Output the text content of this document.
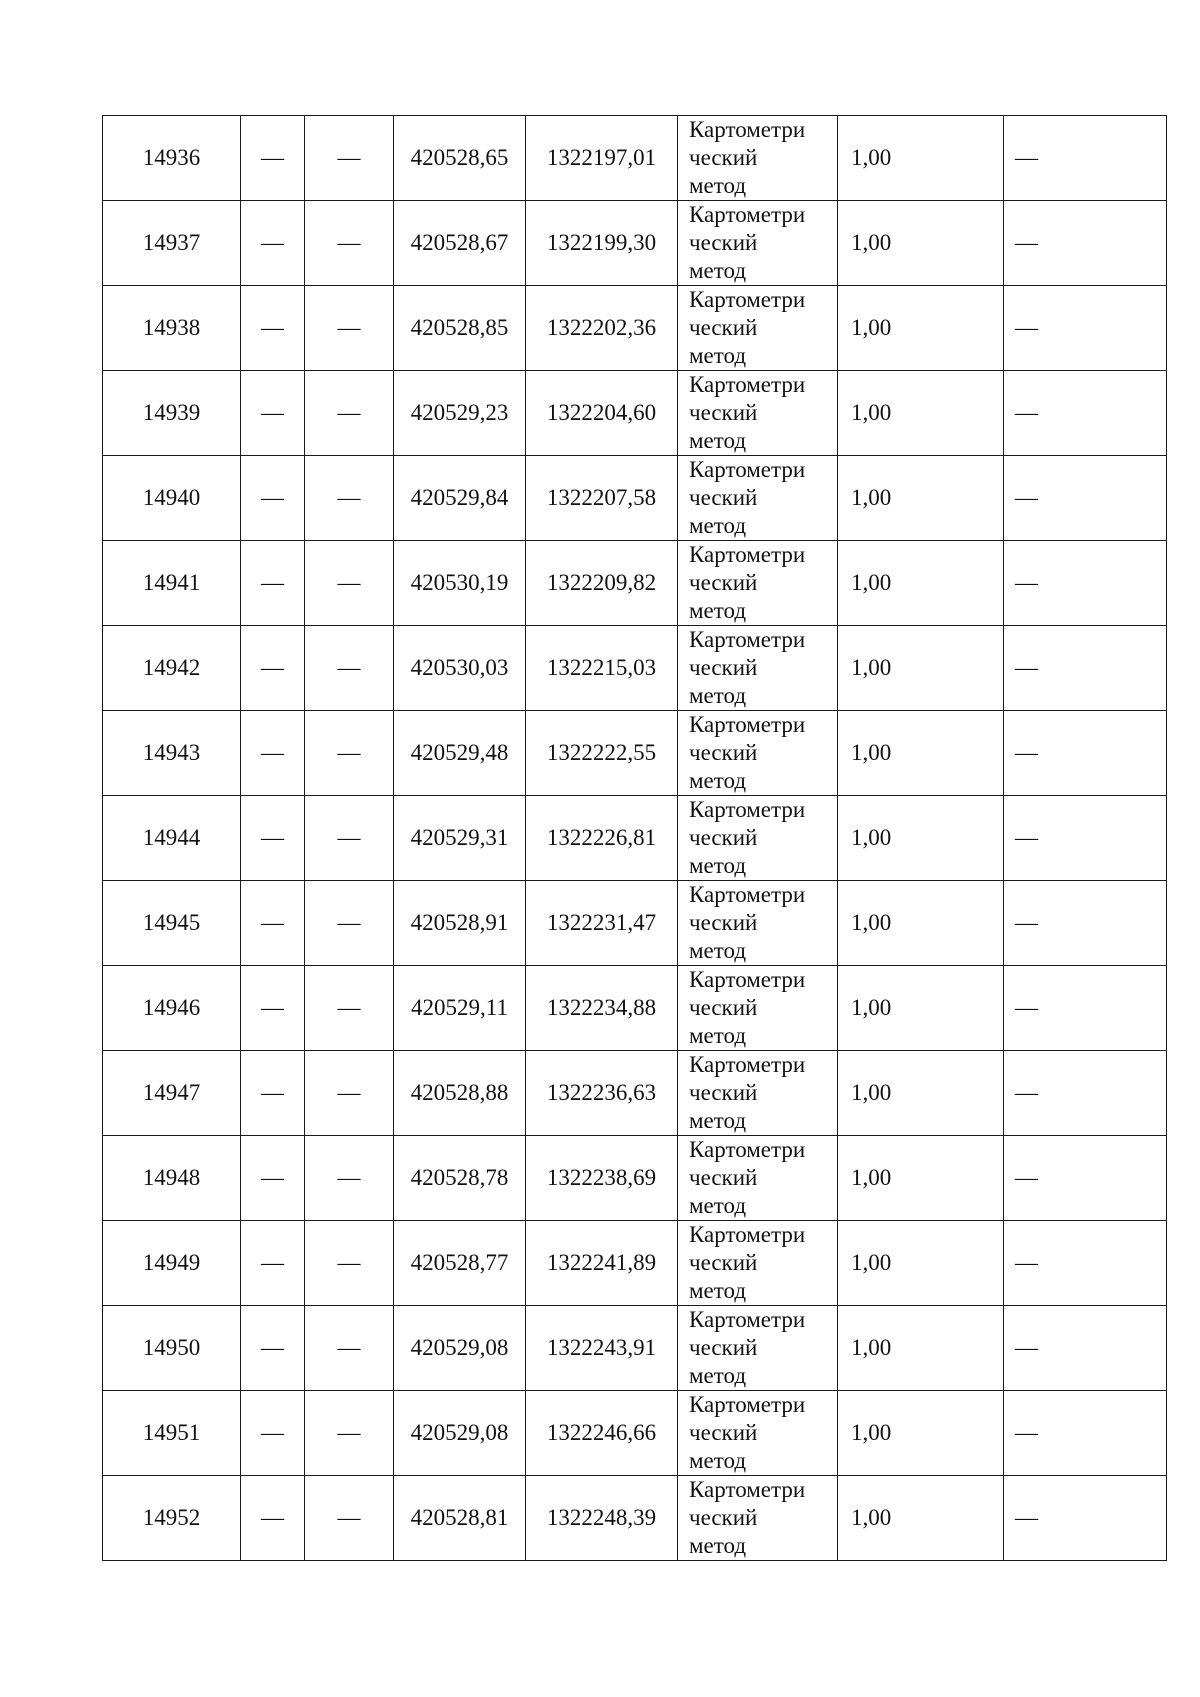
14936	—	—	420528,65	1322197,01	Картометри
ческий
метод	1,00	—
14937	—	—	420528,67	1322199,30	Картометри
ческий
метод	1,00	—
14938	—	—	420528,85	1322202,36	Картометри
ческий
метод	1,00	—
14939	—	—	420529,23	1322204,60	Картометри
ческий
метод	1,00	—
14940	—	—	420529,84	1322207,58	Картометри
ческий
метод	1,00	—
14941	—	—	420530,19	1322209,82	Картометри
ческий
метод	1,00	—
14942	—	—	420530,03	1322215,03	Картометри
ческий
метод	1,00	—
14943	—	—	420529,48	1322222,55	Картометри
ческий
метод	1,00	—
14944	—	—	420529,31	1322226,81	Картометри
ческий
метод	1,00	—
14945	—	—	420528,91	1322231,47	Картометри
ческий
метод	1,00	—
14946	—	—	420529,11	1322234,88	Картометри
ческий
метод	1,00	—
14947	—	—	420528,88	1322236,63	Картометри
ческий
метод	1,00	—
14948	—	—	420528,78	1322238,69	Картометри
ческий
метод	1,00	—
14949	—	—	420528,77	1322241,89	Картометри
ческий
метод	1,00	—
14950	—	—	420529,08	1322243,91	Картометри
ческий
метод	1,00	—
14951	—	—	420529,08	1322246,66	Картометри
ческий
метод	1,00	—
14952	—	—	420528,81	1322248,39	Картометри
ческий
метод	1,00	—
